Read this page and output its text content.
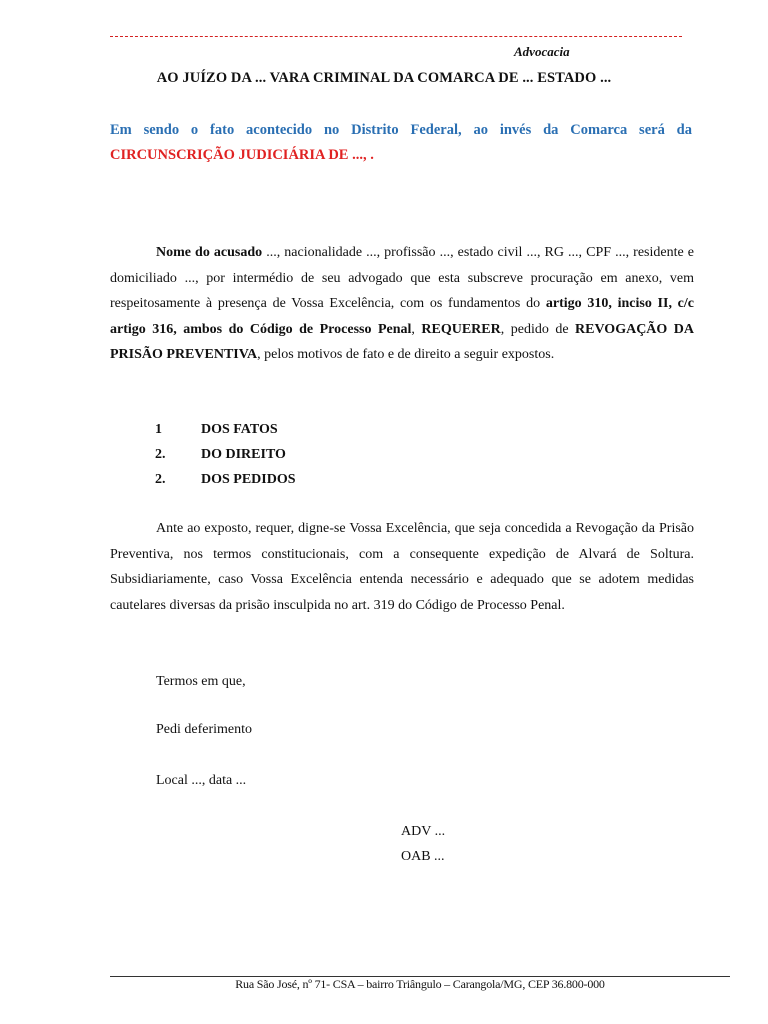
Advocacia
AO JUÍZO DA ... VARA CRIMINAL DA COMARCA DE ... ESTADO ...
Em sendo o fato acontecido no Distrito Federal, ao invés da Comarca será da CIRCUNSCRIÇÃO JUDICIÁRIA DE ..., .

Nome do acusado ..., nacionalidade ..., profissão ..., estado civil ..., RG ..., CPF ..., residente e domiciliado ..., por intermédio de seu advogado que esta subscreve procuração em anexo, vem respeitosamente à presença de Vossa Excelência, com os fundamentos do artigo 310, inciso II, c/c artigo 316, ambos do Código de Processo Penal, REQUERER, pedido de REVOGAÇÃO DA PRISÃO PREVENTIVA, pelos motivos de fato e de direito a seguir expostos.

1	DOS FATOS
2.	DO DIREITO
2.	DOS PEDIDOS

Ante ao exposto, requer, digne-se Vossa Excelência, que seja concedida a Revogação da Prisão Preventiva, nos termos constitucionais, com a consequente expedição de Alvará de Soltura. Subsidiariamente, caso Vossa Excelência entenda necessário e adequado que se adotem medidas cautelares diversas da prisão insculpida no art. 319 do Código de Processo Penal.

Termos em que,
Pedi deferimento
Local ..., data ...
ADV ...
OAB ...
Rua São José, nº 71- CSA – bairro Triângulo – Carangola/MG, CEP 36.800-000
